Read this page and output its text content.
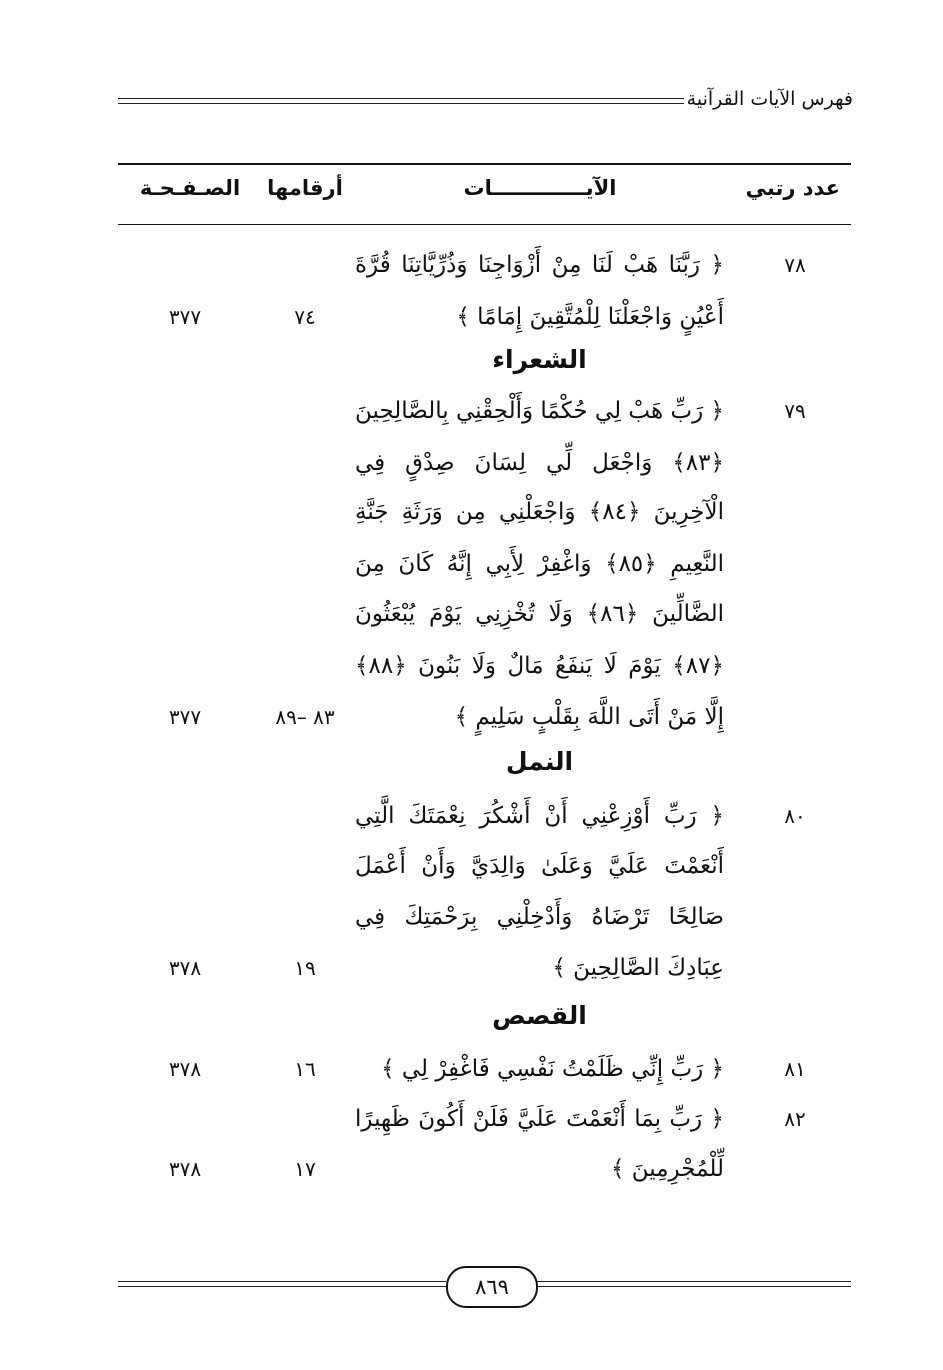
فهرس الآيات القرآنية
عدد رتبي
الآيـــــــــــــات
أرقامها
الصـفـحـة
٧٨
﴿ رَبَّنَا هَبْ لَنَا مِنْ أَزْوَاجِنَا وَذُرِّيَّاتِنَا قُرَّةَ
أَعْيُنٍ وَاجْعَلْنَا لِلْمُتَّقِينَ إِمَامًا ﴾
٧٤
٣٧٧
الشعراء
٧٩
﴿ رَبِّ هَبْ لِي حُكْمًا وَأَلْحِقْنِي بِالصَّالِحِينَ
﴿٨٣﴾ وَاجْعَل لِّي لِسَانَ صِدْقٍ فِي
الْآخِرِينَ ﴿٨٤﴾ وَاجْعَلْنِي مِن وَرَثَةِ جَنَّةِ
النَّعِيمِ ﴿٨٥﴾ وَاغْفِرْ لِأَبِي إِنَّهُ كَانَ مِنَ
الضَّالِّينَ ﴿٨٦﴾ وَلَا تُخْزِنِي يَوْمَ يُبْعَثُونَ
﴿٨٧﴾ يَوْمَ لَا يَنفَعُ مَالٌ وَلَا بَنُونَ ﴿٨٨﴾
إِلَّا مَنْ أَتَى اللَّهَ بِقَلْبٍ سَلِيمٍ ﴾
٨٣ –٨٩
٣٧٧
النمل
٨٠
﴿ رَبِّ أَوْزِعْنِي أَنْ أَشْكُرَ نِعْمَتَكَ الَّتِي
أَنْعَمْتَ عَلَيَّ وَعَلَىٰ وَالِدَيَّ وَأَنْ أَعْمَلَ
صَالِحًا تَرْضَاهُ وَأَدْخِلْنِي بِرَحْمَتِكَ فِي
عِبَادِكَ الصَّالِحِينَ ﴾
١٩
٣٧٨
القصص
٨١
﴿ رَبِّ إِنِّي ظَلَمْتُ نَفْسِي فَاغْفِرْ لِي ﴾
١٦
٣٧٨
٨٢
﴿ رَبِّ بِمَا أَنْعَمْتَ عَلَيَّ فَلَنْ أَكُونَ ظَهِيرًا
لِّلْمُجْرِمِينَ ﴾
١٧
٣٧٨
٨٦٩
